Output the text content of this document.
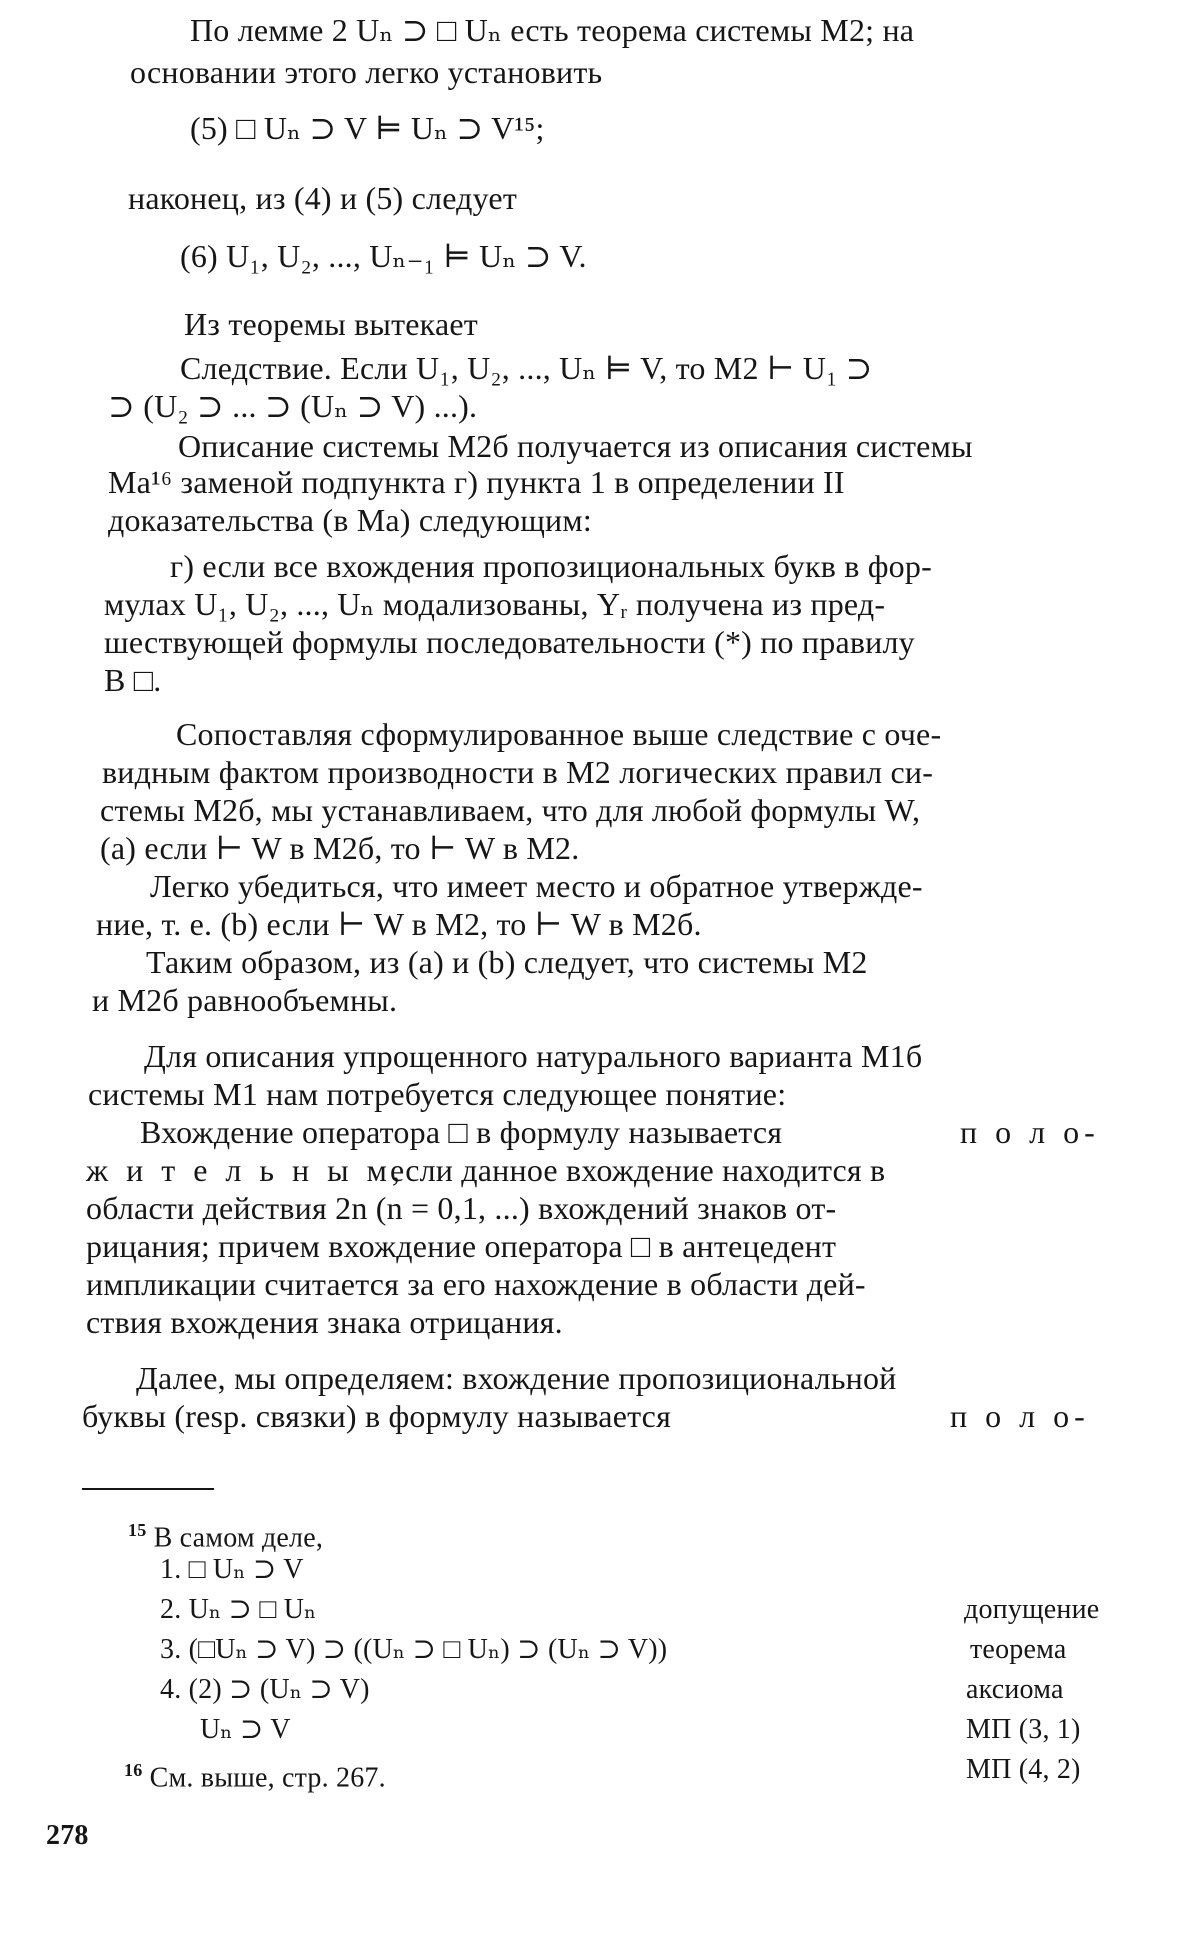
По лемме 2 Uₙ ⊃ □ Uₙ есть теорема системы М2; на
основании этого легко установить
(5) □ Uₙ ⊃ V ⊨ Uₙ ⊃ V¹⁵;
наконец, из (4) и (5) следует
(6) U₁, U₂, ..., Uₙ₋₁ ⊨ Uₙ ⊃ V.
Из теоремы вытекает
Следствие. Если U₁, U₂, ..., Uₙ ⊨ V, то М2 ⊢ U₁ ⊃
⊃ (U₂ ⊃ ... ⊃ (Uₙ ⊃ V) ...).
Описание системы М2б получается из описания системы
Ма¹⁶ заменой подпункта г) пункта 1 в определении II
доказательства (в Ма) следующим:
г) если все вхождения пропозициональных букв в фор-
мулах U₁, U₂, ..., Uₙ модализованы, Yᵣ получена из пред-
шествующей формулы последовательности (*) по правилу
В □.
Сопоставляя сформулированное выше следствие с оче-
видным фактом производности в М2 логических правил си-
стемы М2б, мы устанавливаем, что для любой формулы W,
(а) если ⊢ W в М2б, то ⊢ W в М2.
Легко убедиться, что имеет место и обратное утвержде-
ние, т. е. (b) если ⊢ W в М2, то ⊢ W в М2б.
Таким образом, из (а) и (b) следует, что системы М2
и М2б равнообъемны.
Для описания упрощенного натурального варианта М1б
системы М1 нам потребуется следующее понятие:
Вхождение оператора □ в формулу называется	п о л о-
ж и т е л ь н ы м,
если данное вхождение находится в
области действия 2n (n = 0,1, ...) вхождений знаков от-
рицания; причем вхождение оператора □ в антецедент
импликации считается за его нахождение в области дей-
ствия вхождения знака отрицания.
Далее, мы определяем: вхождение пропозициональной
буквы (resp. связки) в формулу называется	п о л о-
$^{15}$ В самом деле,
1. □ Uₙ ⊃ V
2. Uₙ ⊃ □ Uₙ
3. (□Uₙ ⊃ V) ⊃ ((Uₙ ⊃ □ Uₙ) ⊃ (Uₙ ⊃ V))
4. (2) ⊃ (Uₙ ⊃ V)
Uₙ ⊃ V
допущение
теорема
аксиома
МП (3, 1)
МП (4, 2)
$^{16}$ См. выше, стр. 267.
278
